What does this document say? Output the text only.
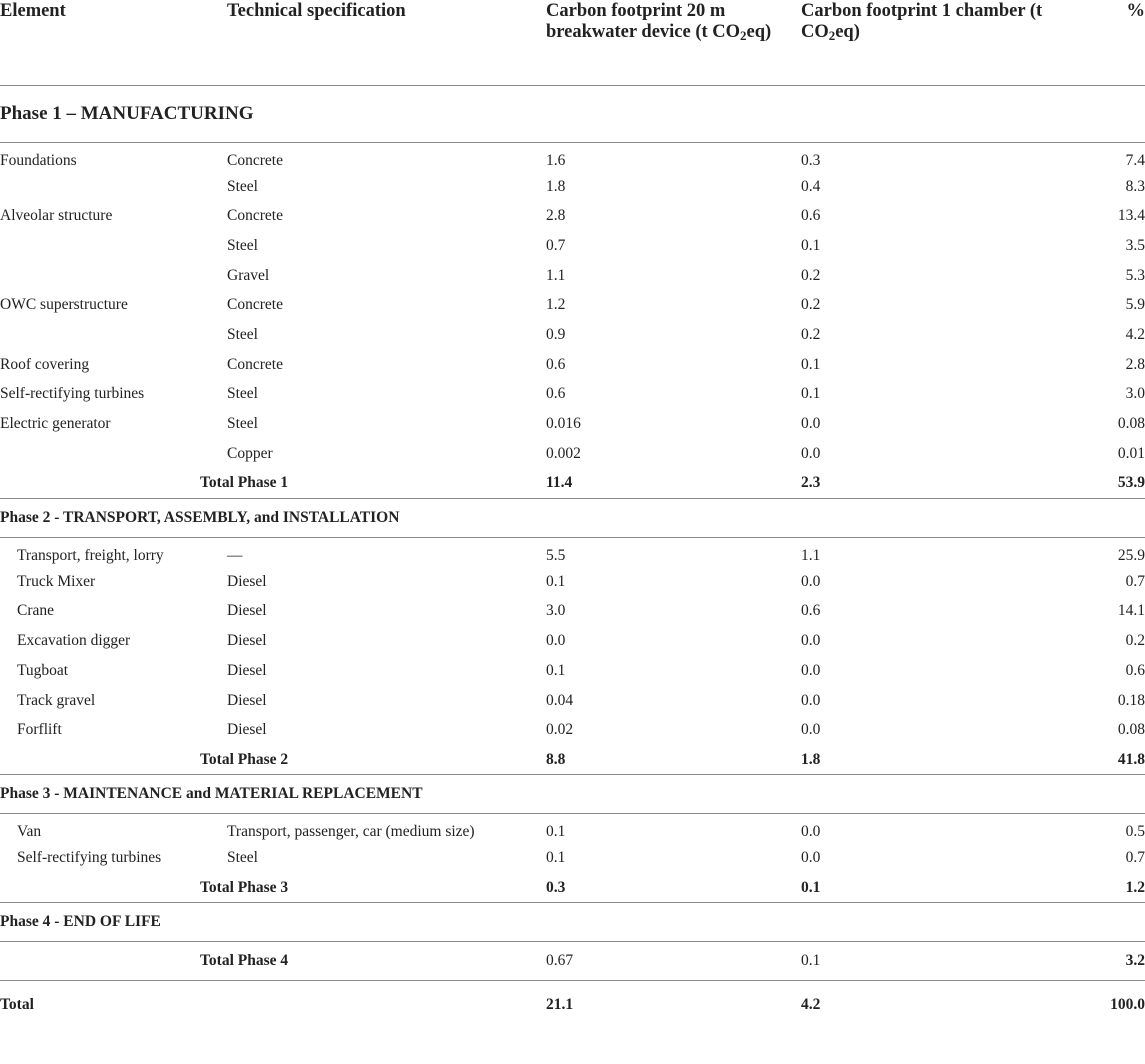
Element	Technical specification	Carbon footprint 20 m breakwater device (t $CO_2eq$)	Carbon footprint 1 chamber (t $CO_2eq$)	%
Phase 1 – MANUFACTURING				
Foundations	Concrete	1.6	0.3	7.4
	Steel	1.8	0.4	8.3
Alveolar structure	Concrete	2.8	0.6	13.4
	Steel	0.7	0.1	3.5
	Gravel	1.1	0.2	5.3
OWC superstructure	Concrete	1.2	0.2	5.9
	Steel	0.9	0.2	4.2
Roof covering	Concrete	0.6	0.1	2.8
Self-rectifying turbines	Steel	0.6	0.1	3.0
Electric generator	Steel	0.016	0.0	0.08
	Copper	0.002	0.0	0.01
	Total Phase 1	11.4	2.3	53.9
Phase 2 - TRANSPORT, ASSEMBLY, and INSTALLATION				
Transport, freight, lorry	—	5.5	1.1	25.9
Truck Mixer	Diesel	0.1	0.0	0.7
Crane	Diesel	3.0	0.6	14.1
Excavation digger	Diesel	0.0	0.0	0.2
Tugboat	Diesel	0.1	0.0	0.6
Track gravel	Diesel	0.04	0.0	0.18
Forflift	Diesel	0.02	0.0	0.08
	Total Phase 2	8.8	1.8	41.8
Phase 3 - MAINTENANCE and MATERIAL REPLACEMENT				
Van	Transport, passenger, car (medium size)	0.1	0.0	0.5
Self-rectifying turbines	Steel	0.1	0.0	0.7
	Total Phase 3	0.3	0.1	1.2
Phase 4 - END OF LIFE				
	Total Phase 4	0.67	0.1	3.2
Total		21.1	4.2	100.0
